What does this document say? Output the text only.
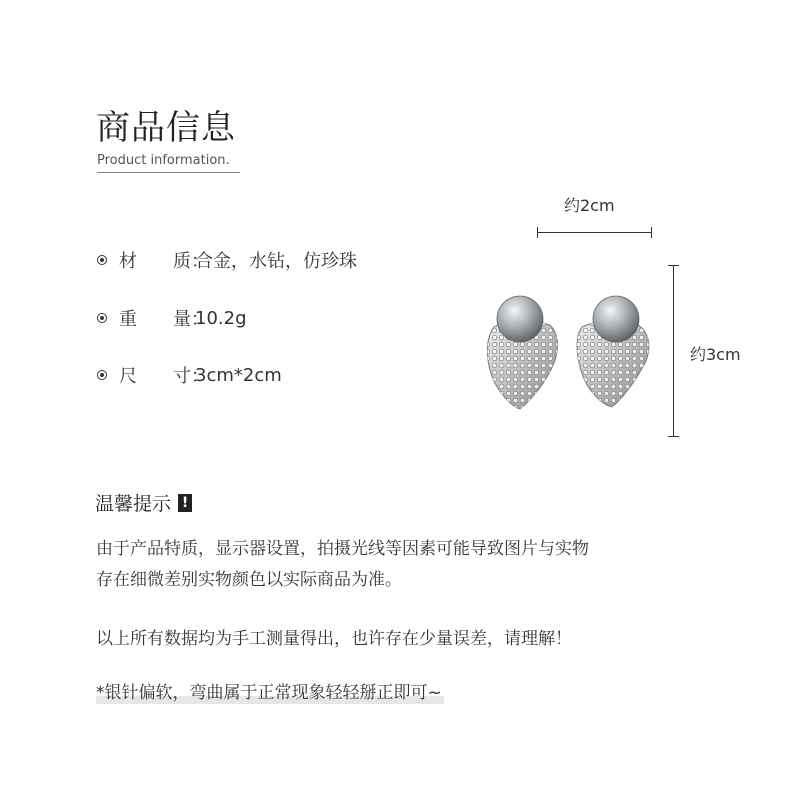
商品信息
Product information.
材　　质：
合金，水钻，仿珍珠
重　　量：
10.2g
尺　　寸：
3cm*2cm
约2cm
约3cm
温馨提示 !
由于产品特质，显示器设置，拍摄光线等因素可能导致图片与实物
存在细微差别实物颜色以实际商品为准。
以上所有数据均为手工测量得出，也许存在少量误差，请理解！
*银针偏软，弯曲属于正常现象轻轻掰正即可~
